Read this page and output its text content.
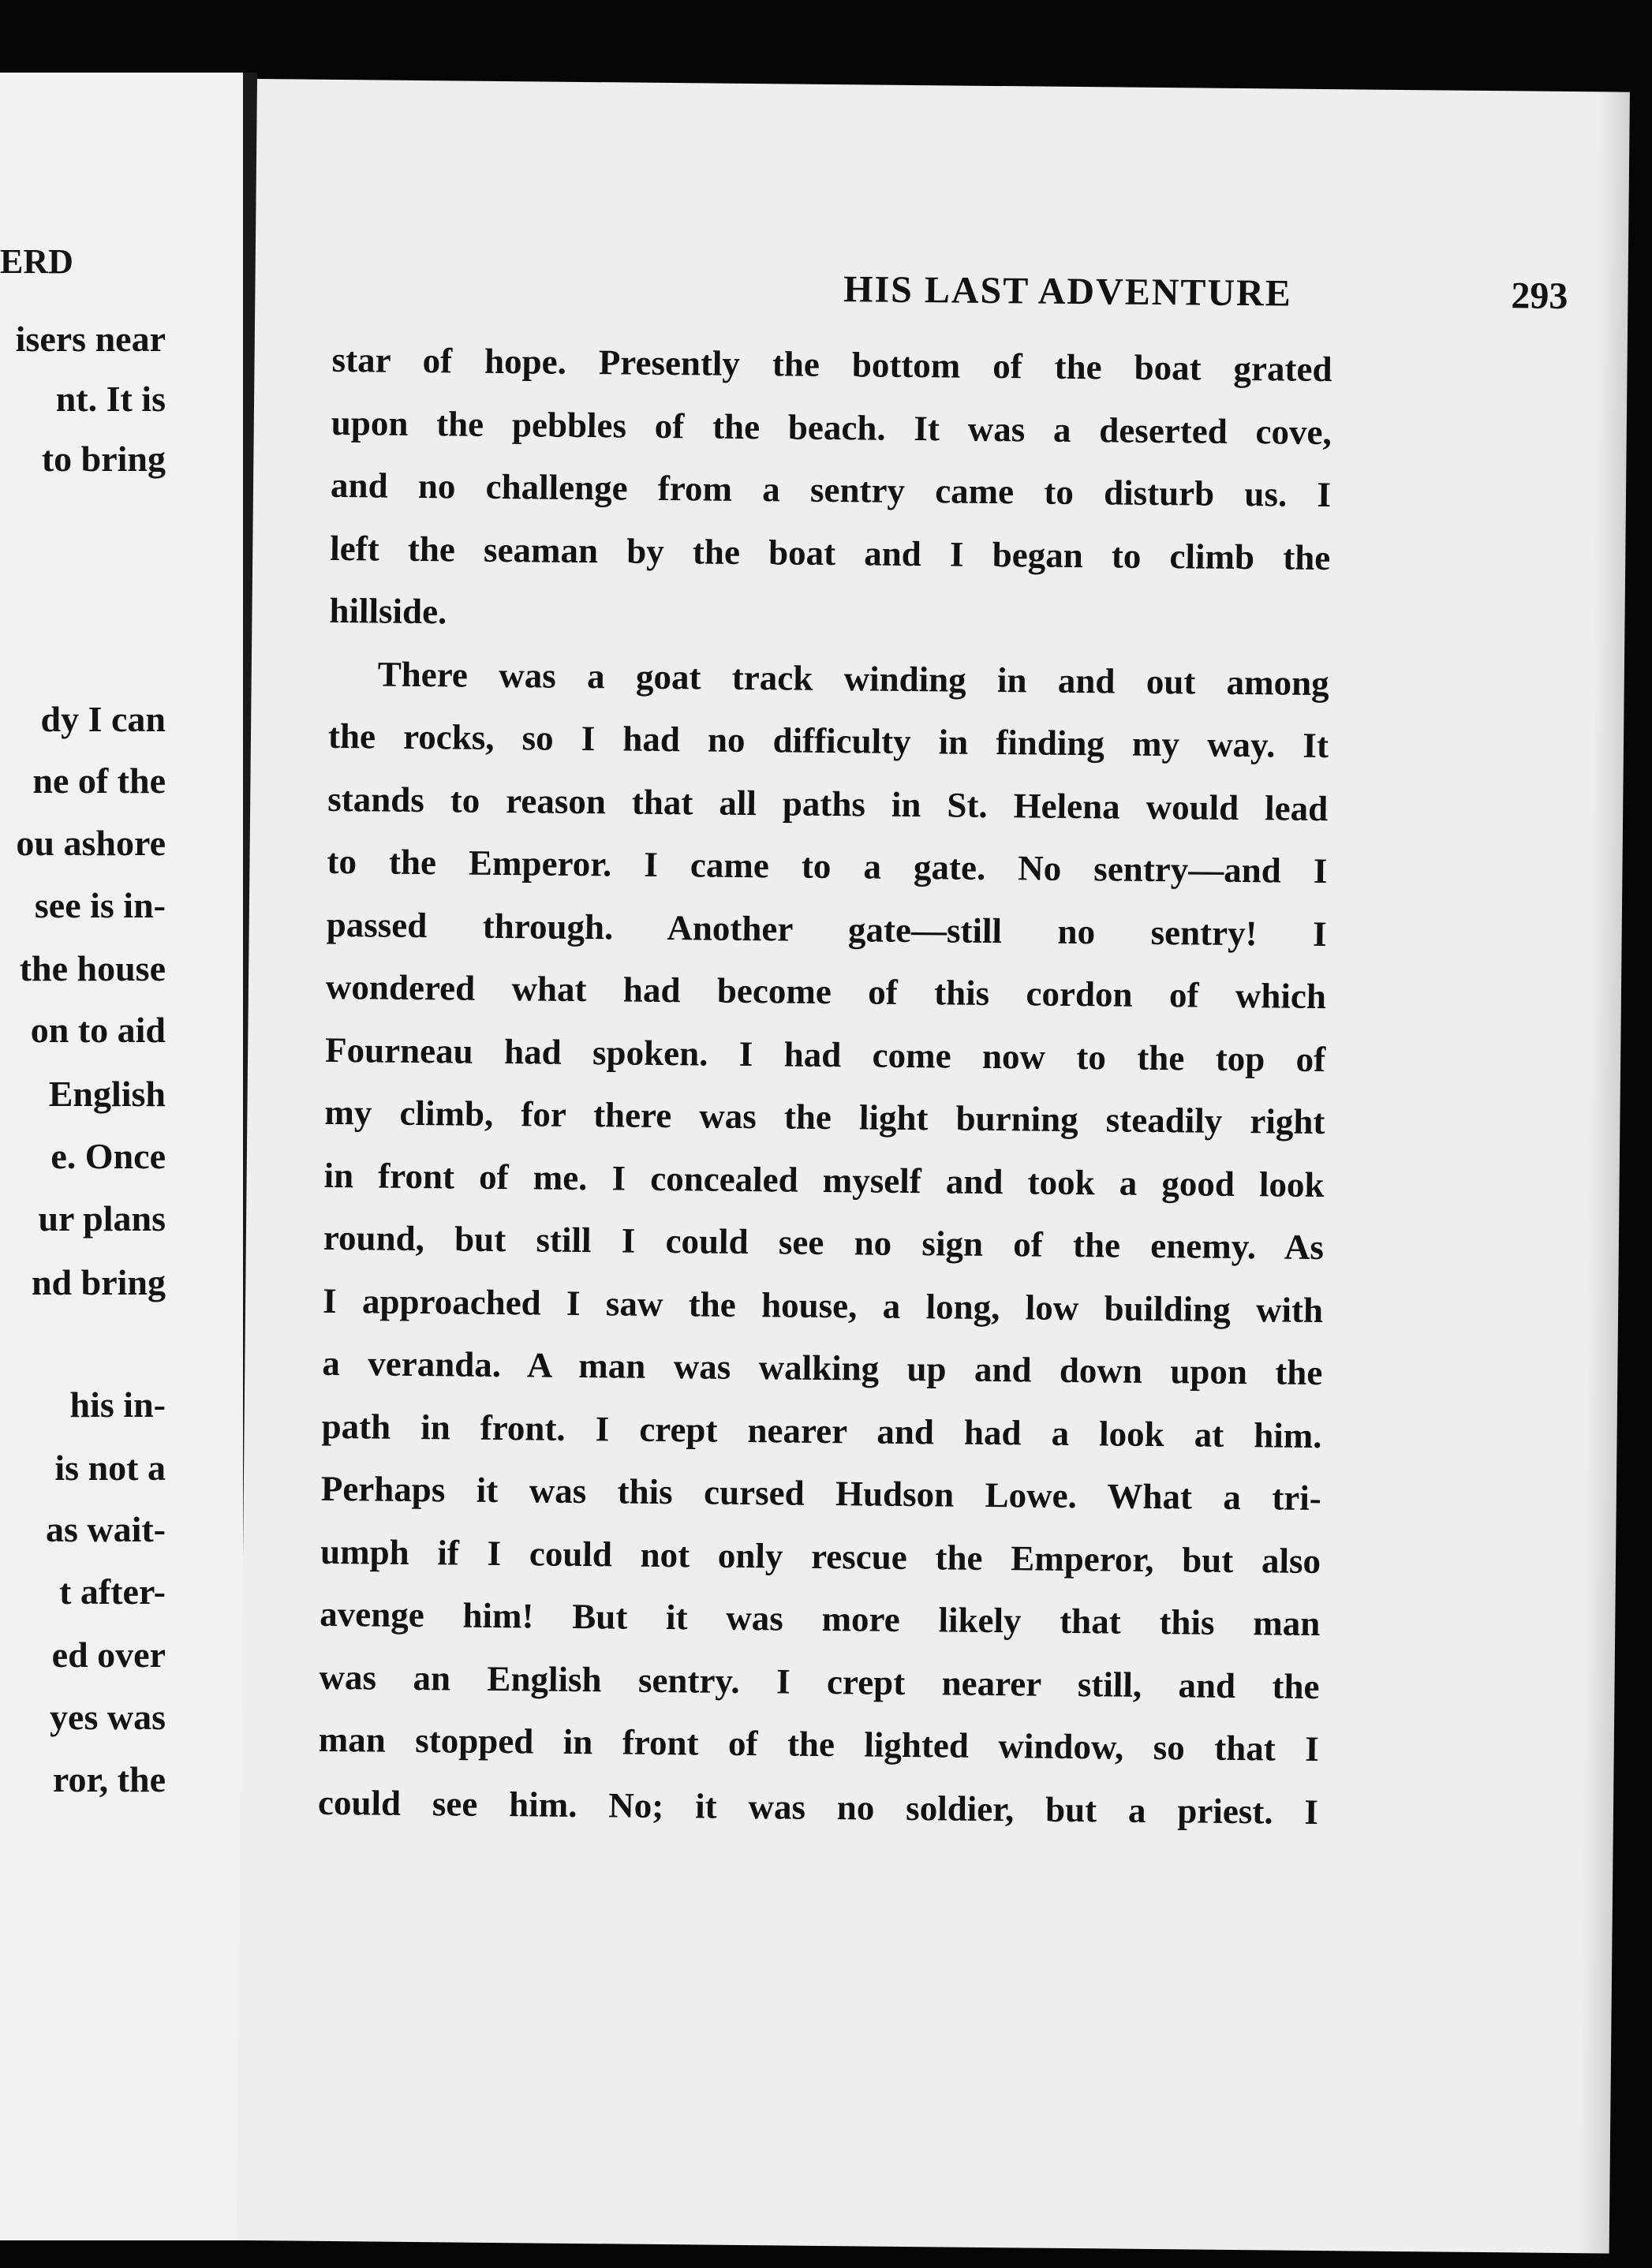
ERD
isers near
nt. It is
to bring
dy I can
ne of the
ou ashore
see is in-
the house
on to aid
English
e. Once
ur plans
nd bring
his in-
is not a
as wait-
t after-
ed over
yes was
ror, the
HIS LAST ADVENTURE	293
star of hope. Presently the bottom of the boat grated
upon the pebbles of the beach. It was a deserted cove,
and no challenge from a sentry came to disturb us. I
left the seaman by the boat and I began to climb the
hillside.
There was a goat track winding in and out among
the rocks, so I had no difficulty in finding my way. It
stands to reason that all paths in St. Helena would lead
to the Emperor. I came to a gate. No sentry—and I
passed through. Another gate—still no sentry! I
wondered what had become of this cordon of which
Fourneau had spoken. I had come now to the top of
my climb, for there was the light burning steadily right
in front of me. I concealed myself and took a good look
round, but still I could see no sign of the enemy. As
I approached I saw the house, a long, low building with
a veranda. A man was walking up and down upon the
path in front. I crept nearer and had a look at him.
Perhaps it was this cursed Hudson Lowe. What a tri-
umph if I could not only rescue the Emperor, but also
avenge him! But it was more likely that this man
was an English sentry. I crept nearer still, and the
man stopped in front of the lighted window, so that I
could see him. No; it was no soldier, but a priest. I
